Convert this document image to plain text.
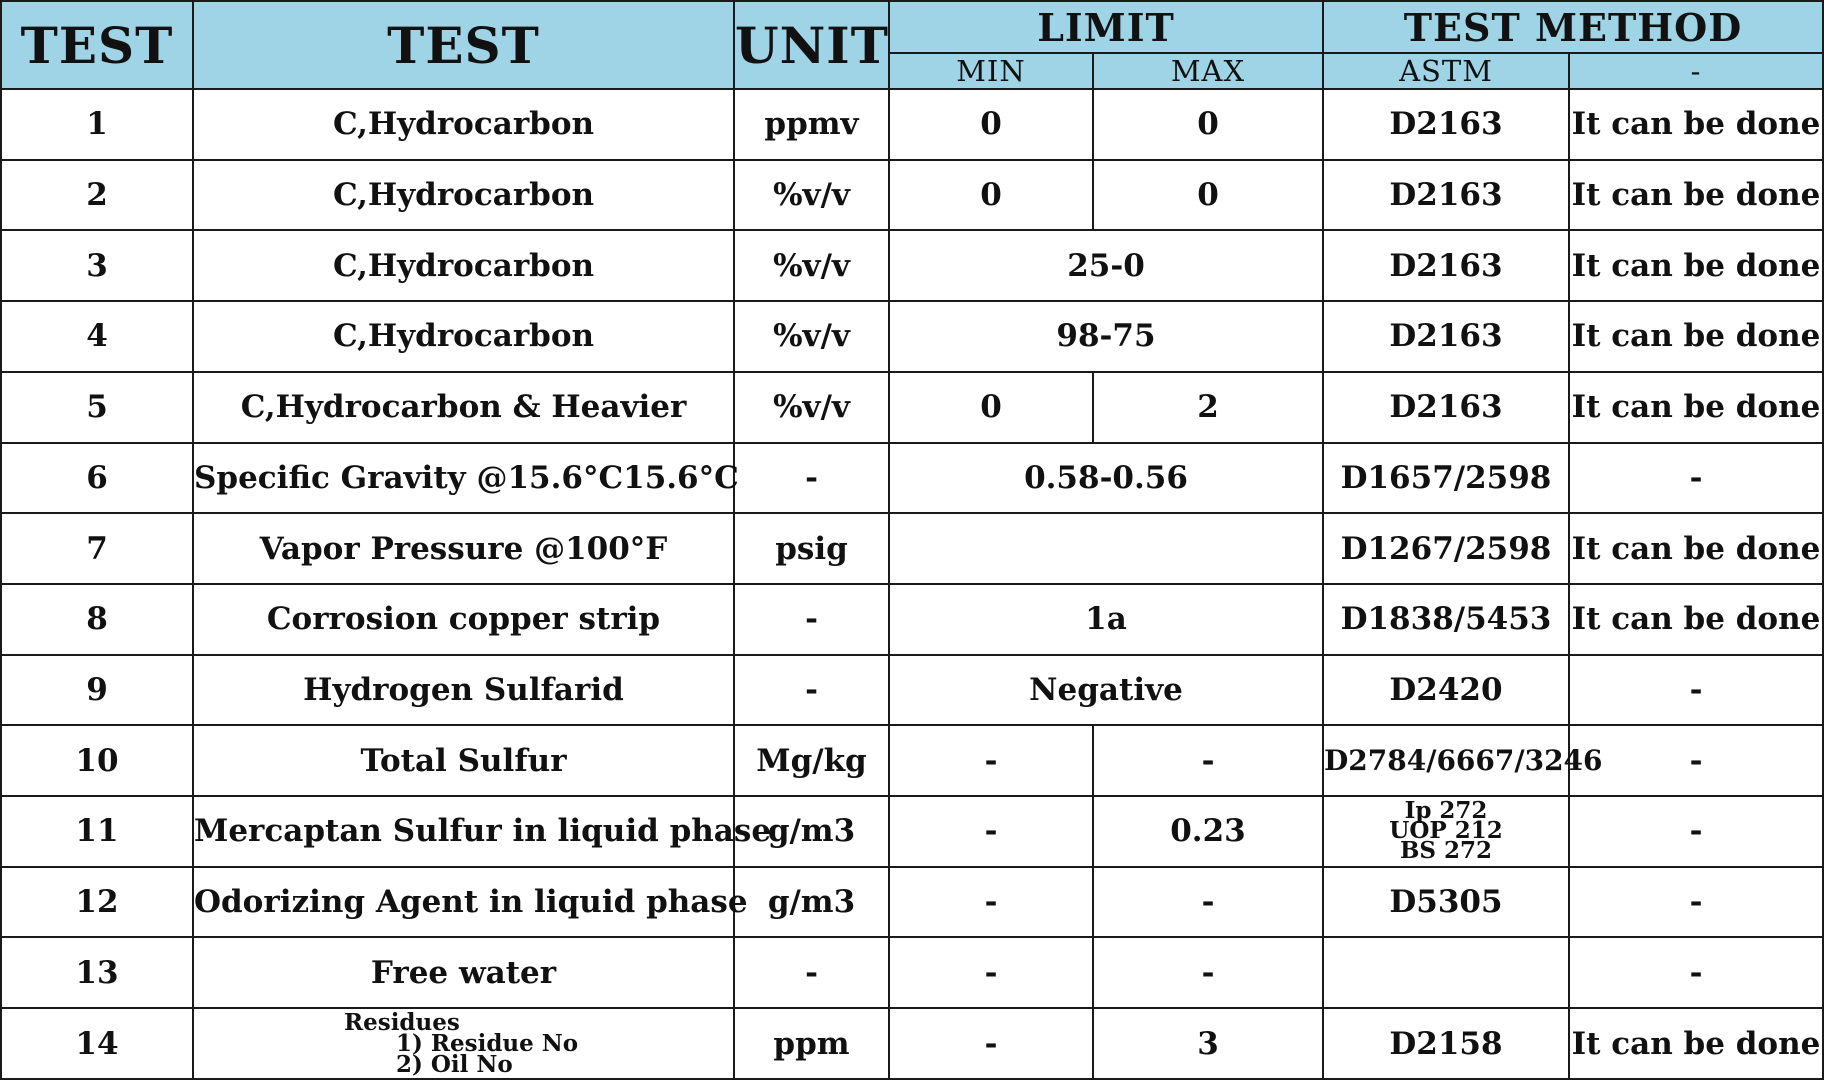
TEST	TEST	UNIT	LIMIT		TEST METHOD	
			MIN	MAX	ASTM	-
1	C,Hydrocarbon	ppmv	0	0	D2163	It can be done
2	C,Hydrocarbon	%v/v	0	0	D2163	It can be done
3	C,Hydrocarbon	%v/v	25-0		D2163	It can be done
4	C,Hydrocarbon	%v/v	98-75		D2163	It can be done
5	C,Hydrocarbon & Heavier	%v/v	0	2	D2163	It can be done
6	Specific Gravity @15.6°C15.6°C	-	0.58-0.56		D1657/2598	-
7	Vapor Pressure @100°F	psig			D1267/2598	It can be done
8	Corrosion copper strip	-	1a		D1838/5453	It can be done
9	Hydrogen Sulfarid	-	Negative		D2420	-
10	Total Sulfur	Mg/kg	-	-	D2784/6667/3246	-
11	Mercaptan Sulfur in liquid phase	g/m3	-	0.23	Ip 272
UOP 212
BS 272	-
12	Odorizing Agent in liquid phase	g/m3	-	-	D5305	-
13	Free water	-	-	-		-
14	Residues
1) Residue No
2) Oil No	ppm	-	3	D2158	It can be done
